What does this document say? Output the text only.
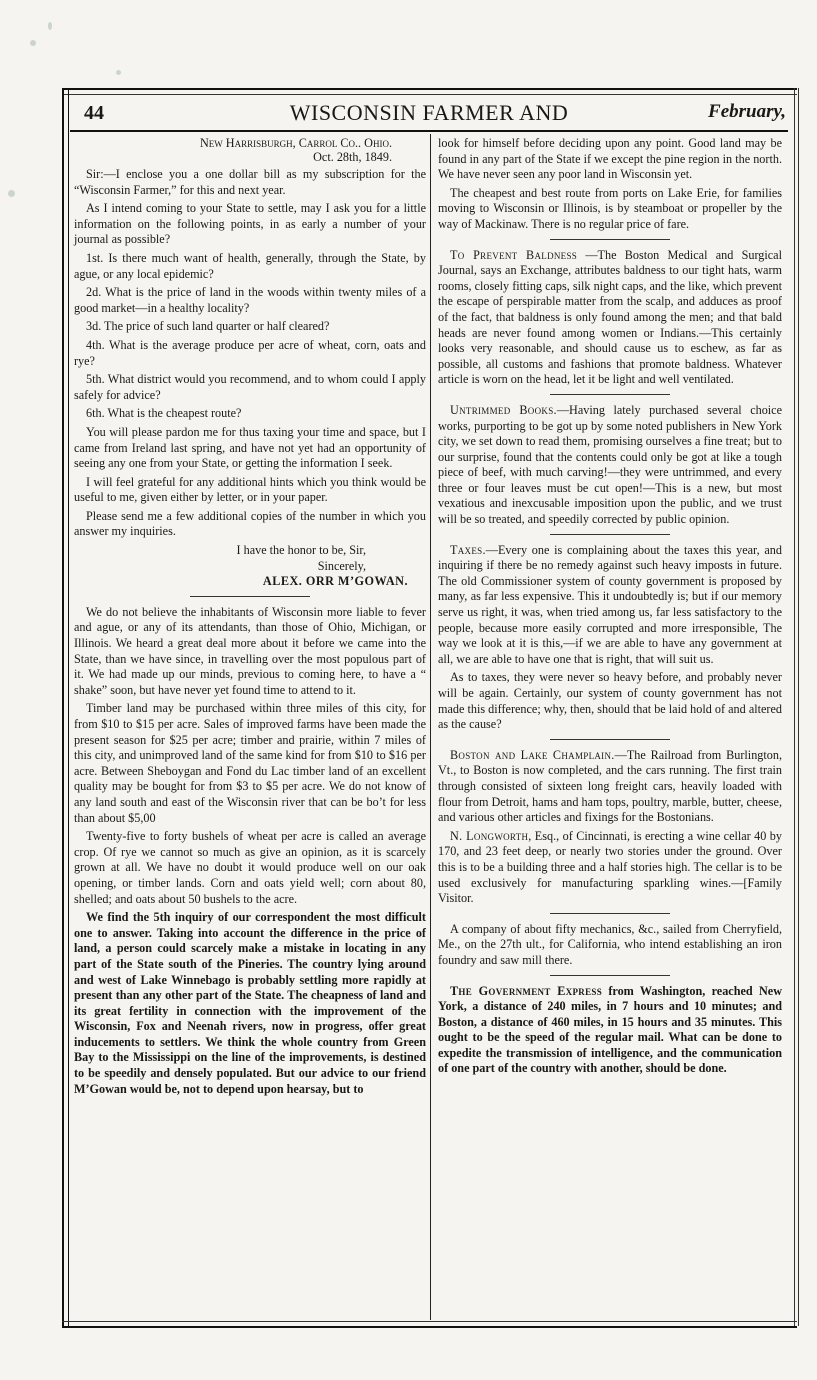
44	WISCONSIN FARMER AND	February,
New Harrisburgh, Carrol Co.. Ohio.
Oct. 28th, 1849.

Sir:—I enclose you a one dollar bill as my subscription for the “Wisconsin Farmer,” for this and next year.

As I intend coming to your State to settle, may I ask you for a little information on the following points, in as early a number of your journal as possible?

1st. Is there much want of health, generally, through the State, by ague, or any local epidemic?

2d. What is the price of land in the woods within twenty miles of a good market—in a healthy locality?

3d. The price of such land quarter or half cleared?

4th. What is the average produce per acre of wheat, corn, oats and rye?

5th. What district would you recommend, and to whom could I apply safely for advice?

6th. What is the cheapest route?

You will please pardon me for thus taxing your time and space, but I came from Ireland last spring, and have not yet had an opportunity of seeing any one from your State, or getting the information I seek.

I will feel grateful for any additional hints which you think would be useful to me, given either by letter, or in your paper.

Please send me a few additional copies of the number in which you answer my inquiries.

I have the honor to be, Sir,
Sincerely,
ALEX. ORR M’GOWAN.

We do not believe the inhabitants of Wisconsin more liable to fever and ague, or any of its attendants, than those of Ohio, Michigan, or Illinois. We heard a great deal more about it before we came into the State, than we have since, in travelling over the most populous part of it. We had made up our minds, previous to coming here, to have a “ shake” soon, but have never yet found time to attend to it.

Timber land may be purchased within three miles of this city, for from $10 to $15 per acre. Sales of improved farms have been made the present season for $25 per acre; timber and prairie, within 7 miles of this city, and unimproved land of the same kind for from $10 to $16 per acre. Between Sheboygan and Fond du Lac timber land of an excellent quality may be bought for from $3 to $5 per acre. We do not know of any land south and east of the Wisconsin river that can be bo’t for less than about $5,00

Twenty-five to forty bushels of wheat per acre is called an average crop. Of rye we cannot so much as give an opinion, as it is scarcely grown at all. We have no doubt it would produce well on our oak opening, or timber lands. Corn and oats yield well; corn about 80, shelled; and oats about 50 bushels to the acre.

We find the 5th inquiry of our correspondent the most difficult one to answer. Taking into account the difference in the price of land, a person could scarcely make a mistake in locating in any part of the State south of the Pineries. The country lying around and west of Lake Winnebago is probably settling more rapidly at present than any other part of the State. The cheapness of land and its great fertility in connection with the improvement of the Wisconsin, Fox and Neenah rivers, now in progress, offer great inducements to settlers. We think the whole country from Green Bay to the Mississippi on the line of the improvements, is destined to be speedily and densely populated. But our advice to our friend M’Gowan would be, not to depend upon hearsay, but to

look for himself before deciding upon any point. Good land may be found in any part of the State if we except the pine region in the north. We have never seen any poor land in Wisconsin yet.

The cheapest and best route from ports on Lake Erie, for families moving to Wisconsin or Illinois, is by steamboat or propeller by the way of Mackinaw. There is no regular price of fare.

To Prevent Baldness —The Boston Medical and Surgical Journal, says an Exchange, attributes baldness to our tight hats, warm rooms, closely fitting caps, silk night caps, and the like, which prevent the escape of perspirable matter from the scalp, and adduces as proof of the fact, that baldness is only found among the men; and that bald heads are never found among women or Indians.—This certainly looks very reasonable, and should cause us to eschew, as far as possible, all customs and fashions that promote baldness. Whatever article is worn on the head, let it be light and well ventilated.

Untrimmed Books.—Having lately purchased several choice works, purporting to be got up by some noted publishers in New York city, we set down to read them, promising ourselves a fine treat; but to our surprise, found that the contents could only be got at like a tough piece of beef, with much carving!—they were untrimmed, and every three or four leaves must be cut open!—This is a new, but most vexatious and inexcusable imposition upon the public, and we trust will be so treated, and speedily corrected by public opinion.

Taxes.—Every one is complaining about the taxes this year, and inquiring if there be no remedy against such heavy imposts in future. The old Commissioner system of county government is proposed by many, as far less expensive. This it undoubtedly is; but if our memory serve us right, it was, when tried among us, far less satisfactory to the people, because more easily corrupted and more irresponsible, The way we look at it is this,—if we are able to have any government at all, we are able to have one that is right, that will suit us.

As to taxes, they were never so heavy before, and probably never will be again. Certainly, our system of county government has not made this difference; why, then, should that be laid hold of and altered as the cause?

Boston and Lake Champlain.—The Railroad from Burlington, Vt., to Boston is now completed, and the cars running. The first train through consisted of sixteen long freight cars, heavily loaded with flour from Detroit, hams and ham tops, poultry, marble, butter, cheese, and various other articles and fixings for the Bostonians.

N. Longworth, Esq., of Cincinnati, is erecting a wine cellar 40 by 170, and 23 feet deep, or nearly two stories under the ground. Over this is to be a building three and a half stories high. The cellar is to be used exclusively for manufacturing sparkling wines.—[Family Visitor.

A company of about fifty mechanics, &c., sailed from Cherryfield, Me., on the 27th ult., for California, who intend establishing an iron foundry and saw mill there.

The Government Express from Washington, reached New York, a distance of 240 miles, in 7 hours and 10 minutes; and Boston, a distance of 460 miles, in 15 hours and 35 minutes. This ought to be the speed of the regular mail. What can be done to expedite the transmission of intelligence, and the communication of one part of the country with another, should be done.
